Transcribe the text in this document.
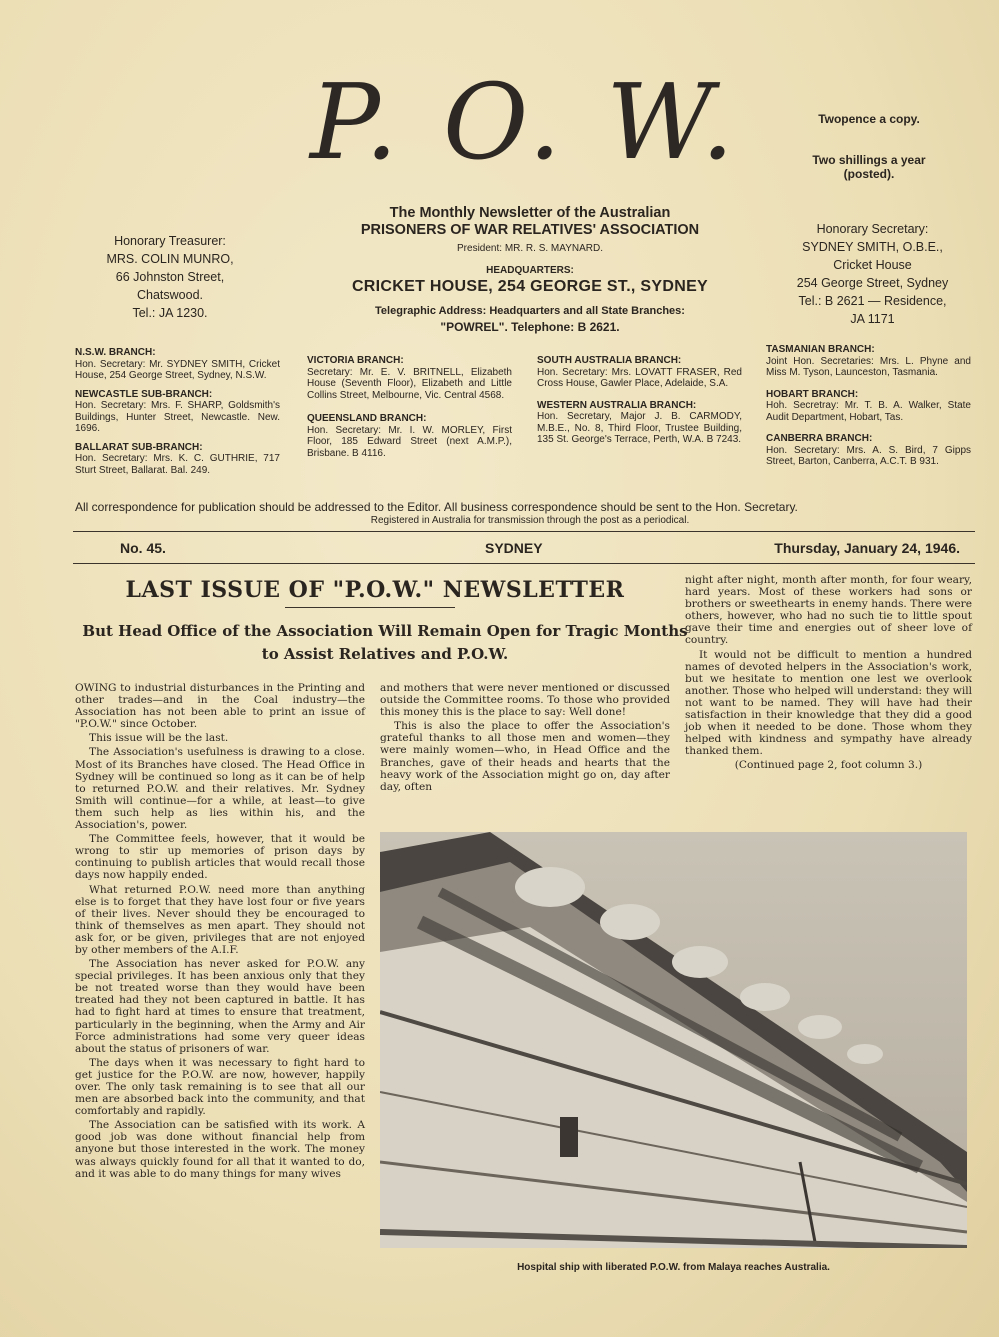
P. O. W.	Twopence a copy.
Two shillings a year
(posted).
The Monthly Newsletter of the Australian
PRISONERS OF WAR RELATIVES' ASSOCIATION
President: MR. R. S. MAYNARD.
HEADQUARTERS:
CRICKET HOUSE, 254 GEORGE ST., SYDNEY
Telegraphic Address: Headquarters and all State Branches:
"POWREL". Telephone: B 2621.
Honorary Treasurer:
MRS. COLIN MUNRO,
66 Johnston Street,
Chatswood.
Tel.: JA 1230.
Honorary Secretary:
SYDNEY SMITH, O.B.E.,
Cricket House
254 George Street, Sydney
Tel.: B 2621 — Residence,
JA 1171
N.S.W. BRANCH:
Hon. Secretary: Mr. SYDNEY SMITH, Cricket House, 254 George Street, Sydney, N.S.W.
NEWCASTLE SUB-BRANCH:
Hon. Secretary: Mrs. F. SHARP, Goldsmith's Buildings, Hunter Street, Newcastle. New. 1696.
BALLARAT SUB-BRANCH:
Hon. Secretary: Mrs. K. C. GUTHRIE, 717 Sturt Street, Ballarat. Bal. 249.
VICTORIA BRANCH:
Secretary: Mr. E. V. BRITNELL, Elizabeth House (Seventh Floor), Elizabeth and Little Collins Street, Melbourne, Vic. Central 4568.
QUEENSLAND BRANCH:
Hon. Secretary: Mr. I. W. MORLEY, First Floor, 185 Edward Street (next A.M.P.), Brisbane. B 4116.
SOUTH AUSTRALIA BRANCH:
Hon. Secretary: Mrs. LOVATT FRASER, Red Cross House, Gawler Place, Adelaide, S.A.
WESTERN AUSTRALIA BRANCH:
Hon. Secretary, Major J. B. CARMODY, M.B.E., No. 8, Third Floor, Trustee Building, 135 St. George's Terrace, Perth, W.A. B 7243.
TASMANIAN BRANCH:
Joint Hon. Secretaries: Mrs. L. Phyne and Miss M. Tyson, Launceston, Tasmania.
HOBART BRANCH:
Hoh. Secretray: Mr. T. B. A. Walker, State Audit Department, Hobart, Tas.
CANBERRA BRANCH:
Hon. Secretary: Mrs. A. S. Bird, 7 Gipps Street, Barton, Canberra, A.C.T. B 931.
All correspondence for publication should be addressed to the Editor. All business correspondence should be sent to the Hon. Secretary.
Registered in Australia for transmission through the post as a periodical.
No. 45.	SYDNEY	Thursday, January 24, 1946.
LAST ISSUE OF "P.O.W." NEWSLETTER
But Head Office of the Association Will Remain Open for Tragic Months to Assist Relatives and P.O.W.

OWING to industrial disturbances in the Printing and other trades—and in the Coal industry—the Association has not been able to print an issue of "P.O.W." since October.

This issue will be the last.

The Association's usefulness is drawing to a close. Most of its Branches have closed. The Head Office in Sydney will be continued so long as it can be of help to returned P.O.W. and their relatives. Mr. Sydney Smith will continue—for a while, at least—to give them such help as lies within his, and the Association's, power.

The Committee feels, however, that it would be wrong to stir up memories of prison days by continuing to publish articles that would recall those days now happily ended.

What returned P.O.W. need more than anything else is to forget that they have lost four or five years of their lives. Never should they be encouraged to think of themselves as men apart. They should not ask for, or be given, privileges that are not enjoyed by other members of the A.I.F.

The Association has never asked for P.O.W. any special privileges. It has been anxious only that they be not treated worse than they would have been treated had they not been captured in battle. It has had to fight hard at times to ensure that treatment, particularly in the beginning, when the Army and Air Force administrations had some very queer ideas about the status of prisoners of war.

The days when it was necessary to fight hard to get justice for the P.O.W. are now, however, happily over. The only task remaining is to see that all our men are absorbed back into the community, and that comfortably and rapidly.

The Association can be satisfied with its work. A good job was done without financial help from anyone but those interested in the work. The money was always quickly found for all that it wanted to do, and it was able to do many things for many wives

and mothers that were never mentioned or discussed outside the Committee rooms. To those who provided this money this is the place to say: Well done!

This is also the place to offer the Association's grateful thanks to all those men and women—they were mainly women—who, in Head Office and the Branches, gave of their heads and hearts that the heavy work of the Association might go on, day after day, often

night after night, month after month, for four weary, hard years. Most of these workers had sons or brothers or sweethearts in enemy hands. There were others, however, who had no such tie to little spout gave their time and energies out of sheer love of country.

It would not be difficult to mention a hundred names of devoted helpers in the Association's work, but we hesitate to mention one lest we overlook another. Those who helped will understand: they will not want to be named. They will have had their satisfaction in their knowledge that they did a good job when it needed to be done. Those whom they helped with kindness and sympathy have already thanked them.

(Continued page 2, foot column 3.)

Hospital ship with liberated P.O.W. from Malaya reaches Australia.
